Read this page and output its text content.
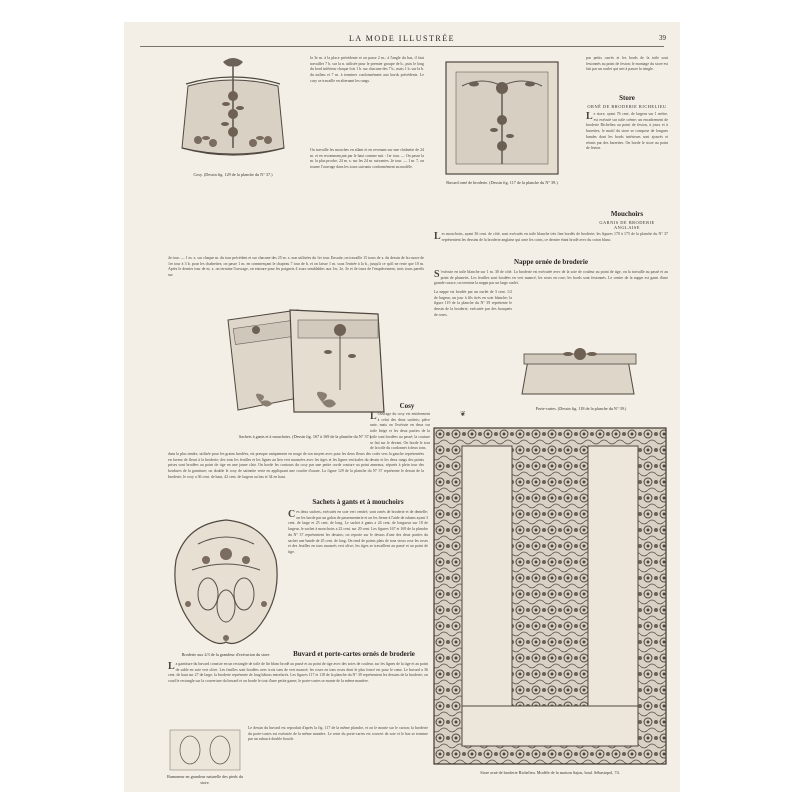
LA MODE ILLUSTRÉE	39
Cosy. (Dessin fig. 129 de la planche du N° 37.)
la 3e m. à la place précédente et on passe 2 m.; à l'angle du bas, il faut travailler 7 b. sur la n. utilisée pour le premier groupe de b., puis le long du bord inférieur chaque fois 1 b. sur chacune des 7 b., mais 1 b. sur la b. du milieu et 7 m. à terminer conformément aux bords précédents. Le cosy se travaille en alternant les rangs.
Ou travaille les mouches en allant et en revenant sur une chaînette de 24 m. et en recommençant par le haut comme suit : 1er tour. — On passe la m. la plus proche, 24 m. x. sur les 24 m. suivantes. 2e tour. — 1 m. 7, on tourne l'ouvrage dans les tours suivants conformément au modèle.
Buvard orné de broderie. (Dessin fig. 117 de la planche du N° 39.)
par petits carrés et les bords de la toile sont festonnés au point de feston; le montage du store est fait par un ourlet qui sert à passer la tringle.
Store
ORNÉ DE BRODERIE RICHELIEU
Le store, ayant 76 cent. de largeur sur 1 mètre, est exécuté sur toile crème; un encadrement de broderie Richelieu au point de feston, à jours et à barrettes, le motif du store se compose de longues bandes dont les bords intérieurs sont ajourés et réunis par des barrettes. On borde le store au point de feston.
Mouchoirs
GARNIS DE BRODERIE ANGLAISE
Les mouchoirs, ayant 36 cent. de côté, sont exécutés en toile blanche très fine bordés de broderie; les figures 170 à 175 de la planche du N° 37 représentent les dessins de la broderie anglaise qui orne les coins, ce dernier étant brodé avec du coton blanc.
4e tour. — 1 m. x. sur chaque m. du tour précédent et sur chacune des 25 m. x. non utilisées du 1er tour. Ensuite, on travaille 15 tours de x. du dessin de la rosace de 1er tour à 3 b. pour les chaînettes; on passe 1 m. en commençant le chapeau 7 tour de b. et on laisse 1 m. sous l'entrée à la b., jusqu'à ce qu'il ne reste que 10 m. Après le dernier tour de m. x. on termine l'ouvrage, on entoure pour les poignets 4 tours semblables aux 1er, 2e, 3e et 4e tours de l'empiècement, trois tours pareils sur
Nappe ornée de broderie
S 'exécute en toile blanche sur 1 m. 30 de côté. La broderie est exécutée avec de la soie de couleur au point de tige, on la travaille au passé et au point de plumetis. Les feuilles sont brodées en vert nuancé, les roses en rose; les bords sont festonnés. Le centre de la nappe est garni d'une grande rosace; on termine la nappe par un large ourlet.
La nappe est bordée par un ourlet de 3 cent. 1/2 de largeur, un jour à fils tirés en soie blanche; la figure 119 de la planche du N° 39 représente le dessin de la broderie, exécutée par des bouquets de roses.
Sachets à gants et à mouchoirs. (Dessin fig. 167 à 169 de la planche du N° 37.)
Cosy
L Ouvrage du cosy est entièrement à celui des deux sachets; pièce unie, mais on l'exécute en deux sur toile beige et les deux parties de la toile sont brodées au passé; la couture se fait sur le devant. On borde le tour de la toile du cordonnet à deux tons.
Porte-cartes. (Dessin fig. 118 de la planche du N° 39.)
❦
dans la plus tendre, utilisée pour les grains brodées, est presque uniquement en rouge de ton moyen avec pour les deux fleurs des cotés vers la gauche représentées en faveur de fleuri à la broderie; des tons les feuilles et les lignes au lieu vert nuancées avec les tiges et les lignes verticales du dessin et les deux rangs des points prises sont brodées au point de tige en une jaune clair. On borde les contours du cosy par une petite corde couture au point anneaux, séparés à plein tour des bordures de la garniture; on double le cosy de satinette verte en appliquant une couche d'ouate. La figure 129 de la planche du N° 37 représente le dessin de la broderie; le cosy a 36 cent. de haut, 42 cent. de largeur au bas et 34 en haut.
Sachets à gants et à mouchoirs
Ces deux sachets, exécutés en soie vert cendré, sont ornés de broderie et de dentelle; on les borde par un galon de passementerie et on les ferme à l'aide de rubans ayant 3 cent. de large et 25 cent. de long. Le sachet à gants a 24 cent. de longueur sur 18 de largeur, le sachet à mouchoirs a 22 cent. sur 20 cent. Les figures 167 et 169 de la planche du N° 37 représentent les dessins; on reporte sur le dessus d'une des deux parties du sachet une bande de 25 cent. de long. On tend de points plats de tons vieux rose les roses et des feuilles en tons nuancés vert olive; les tiges se travaillent au passé et au point de tige.
Broderie aux 2/3 de la grandeur d'exécution du store.	Buvard et porte-cartes ornés de broderie
La garniture du buvard consiste en un rectangle de toile de lin blanc brodé au passé et au point de tige avec des soies de couleur, sur les lignes de la tige et au point de sable en soie vert olive. Les feuilles sont brodées avec trois tons de vert nuancé; les roses en tons roses dont le plus foncé est pour le cœur. Le buvard a 36 cent. de haut sur 27 de large; la broderie représente de long bâtons entrelacés. Les figures 117 et 118 de la planche du N° 39 représentent les dessins de la broderie; on coud le rectangle sur la couverture du buvard et on borde le tout d'une petite ganse; le porte-cartes se monte de la même manière.
Le dessin du buvard est reproduit d'après la fig. 117 de la même planche, et on le monte sur le carton; la broderie du porte-cartes est exécutée de la même manière. Le reste du porte-cartes est couvert de soie et le bas se termine par un ruban à double boucle.
Ramoneur en grandeur naturelle des pieds du store.
Store orné de broderie Richelieu. Modèle de la maison Sajou, boul. Sébastopol, 74.
